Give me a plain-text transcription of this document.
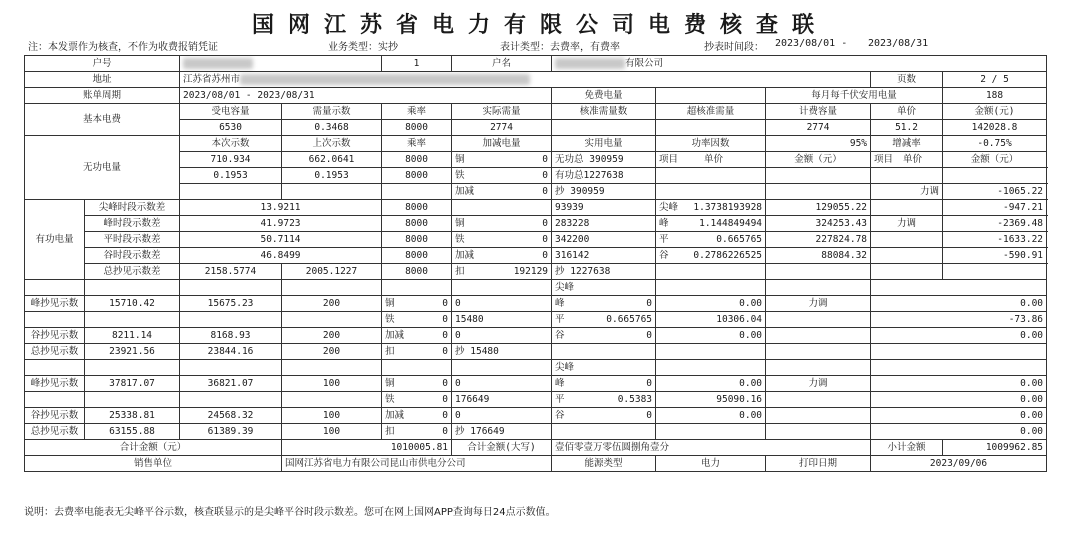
国网江苏省电力有限公司电费核查联
注：本发票作为核查，不作为收费报销凭证	业务类型：实抄	表计类型：去费率，有费率	抄表时间段： 2023/08/01 - 2023/08/31
户号				1	户名	有限公司				
地址		江苏省苏州市							页数	2 / 5
账单周期		2023/08/01 - 2023/08/31				免费电量		每月每千伏安用电量		188
基本电费		受电容量	需量示数	乘率	实际需量	核准需量数	超核准需量	计费容量	单价	金额(元)
		6530	0.3468	8000	2774			2774	51.2	142028.8
无功电量		本次示数	上次示数	乘率	加减电量	实用电量	功率因数	95%	增减率	-0.75%
		710.934	662.0641	8000	铜 0	无功总 390959	项目 单价	金额（元）	项目 单价	金额（元）
		0.1953	0.1953	8000	铁 0	有功总1227638				
					加减 0	抄 390959			力调	-1065.22
有功电量	尖峰时段示数差	13.9211		8000		93939	尖峰 1.3738193928	129055.22		-947.21
	峰时段示数差	41.9723		8000	铜 0	283228	峰 1.144849494	324253.43	力调	-2369.48
	平时段示数差	50.7114		8000	铁 0	342200	平 0.665765	227824.78		-1633.22
	谷时段示数差	46.8499		8000	加减 0	316142	谷 0.2786226525	88084.32		-590.91
	总抄见示数差	2158.5774	2005.1227	8000	扣 192129	抄 1227638	

		尖峰	

峰抄见示数	15710.42	15675.23	200	铜 0	0	峰 0	0.00	力调	0.00	
				铁 0	15480	平 0.665765	10306.04		-73.86	
谷抄见示数	8211.14	8168.93	200	加减 0	0	谷 0	0.00		0.00	
总抄见示数	23921.56	23844.16	200	扣 0	抄 15480		

		尖峰	

峰抄见示数	37817.07	36821.07	100	铜 0	0	峰 0	0.00	力调	0.00	
				铁 0	176649	平 0.5383	95090.16		0.00	
谷抄见示数	25338.81	24568.32	100	加减 0	0	谷 0	0.00		0.00	
总抄见示数	63155.88	61389.39	100	扣 0	抄 176649				0.00	
合计金额（元）			1010005.81		合计金额(大写)	壹佰零壹万零伍圆捌角壹分			小计金额	1009962.85
销售单位			国网江苏省电力有限公司昆山市供电分公司			能源类型	电力	打印日期	2023/09/06	
说明：去费率电能表无尖峰平谷示数，核查联显示的是尖峰平谷时段示数差。您可在网上国网APP查询每日24点示数值。
